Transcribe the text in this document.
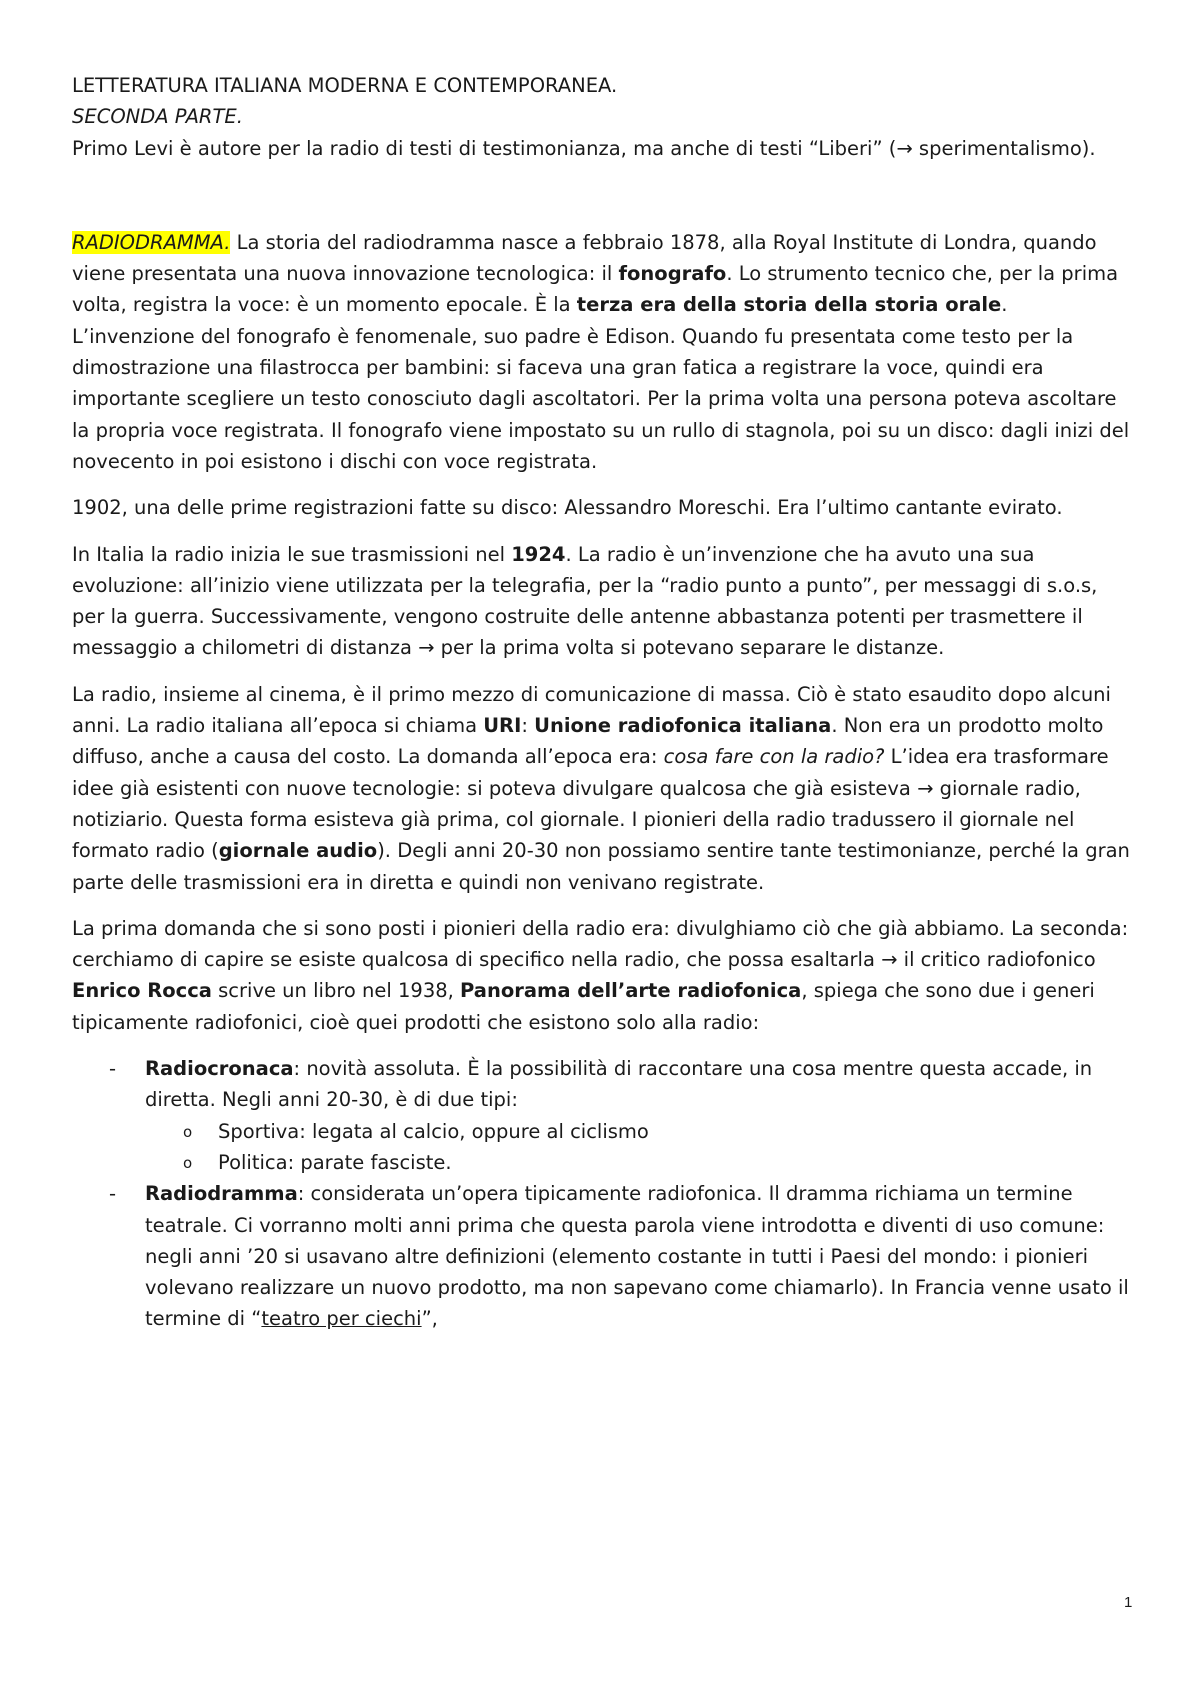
LETTERATURA ITALIANA MODERNA E CONTEMPORANEA.

SECONDA PARTE.

Primo Levi è autore per la radio di testi di testimonianza, ma anche di testi “Liberi” (→ sperimentalismo).

RADIODRAMMA. La storia del radiodramma nasce a febbraio 1878, alla Royal Institute di Londra, quando viene presentata una nuova innovazione tecnologica: il fonografo. Lo strumento tecnico che, per la prima volta, registra la voce: è un momento epocale. È la terza era della storia della storia orale. L’invenzione del fonografo è fenomenale, suo padre è Edison. Quando fu presentata come testo per la dimostrazione una filastrocca per bambini: si faceva una gran fatica a registrare la voce, quindi era importante scegliere un testo conosciuto dagli ascoltatori. Per la prima volta una persona poteva ascoltare la propria voce registrata. Il fonografo viene impostato su un rullo di stagnola, poi su un disco: dagli inizi del novecento in poi esistono i dischi con voce registrata.

1902, una delle prime registrazioni fatte su disco: Alessandro Moreschi. Era l’ultimo cantante evirato.

In Italia la radio inizia le sue trasmissioni nel 1924. La radio è un’invenzione che ha avuto una sua evoluzione: all’inizio viene utilizzata per la telegrafia, per la “radio punto a punto”, per messaggi di s.o.s, per la guerra. Successivamente, vengono costruite delle antenne abbastanza potenti per trasmettere il messaggio a chilometri di distanza → per la prima volta si potevano separare le distanze.

La radio, insieme al cinema, è il primo mezzo di comunicazione di massa. Ciò è stato esaudito dopo alcuni anni. La radio italiana all’epoca si chiama URI: Unione radiofonica italiana. Non era un prodotto molto diffuso, anche a causa del costo. La domanda all’epoca era: cosa fare con la radio? L’idea era trasformare idee già esistenti con nuove tecnologie: si poteva divulgare qualcosa che già esisteva → giornale radio, notiziario. Questa forma esisteva già prima, col giornale. I pionieri della radio tradussero il giornale nel formato radio (giornale audio). Degli anni 20-30 non possiamo sentire tante testimonianze, perché la gran parte delle trasmissioni era in diretta e quindi non venivano registrate.

La prima domanda che si sono posti i pionieri della radio era: divulghiamo ciò che già abbiamo. La seconda: cerchiamo di capire se esiste qualcosa di specifico nella radio, che possa esaltarla → il critico radiofonico Enrico Rocca scrive un libro nel 1938, Panorama dell’arte radiofonica, spiega che sono due i generi tipicamente radiofonici, cioè quei prodotti che esistono solo alla radio:

- Radiocronaca: novità assoluta. È la possibilità di raccontare una cosa mentre questa accade, in diretta. Negli anni 20-30, è di due tipi:
o Sportiva: legata al calcio, oppure al ciclismo
o Politica: parate fasciste.
- Radiodramma: considerata un’opera tipicamente radiofonica. Il dramma richiama un termine teatrale. Ci vorranno molti anni prima che questa parola viene introdotta e diventi di uso comune: negli anni ’20 si usavano altre definizioni (elemento costante in tutti i Paesi del mondo: i pionieri volevano realizzare un nuovo prodotto, ma non sapevano come chiamarlo). In Francia venne usato il termine di “teatro per ciechi”,
1
